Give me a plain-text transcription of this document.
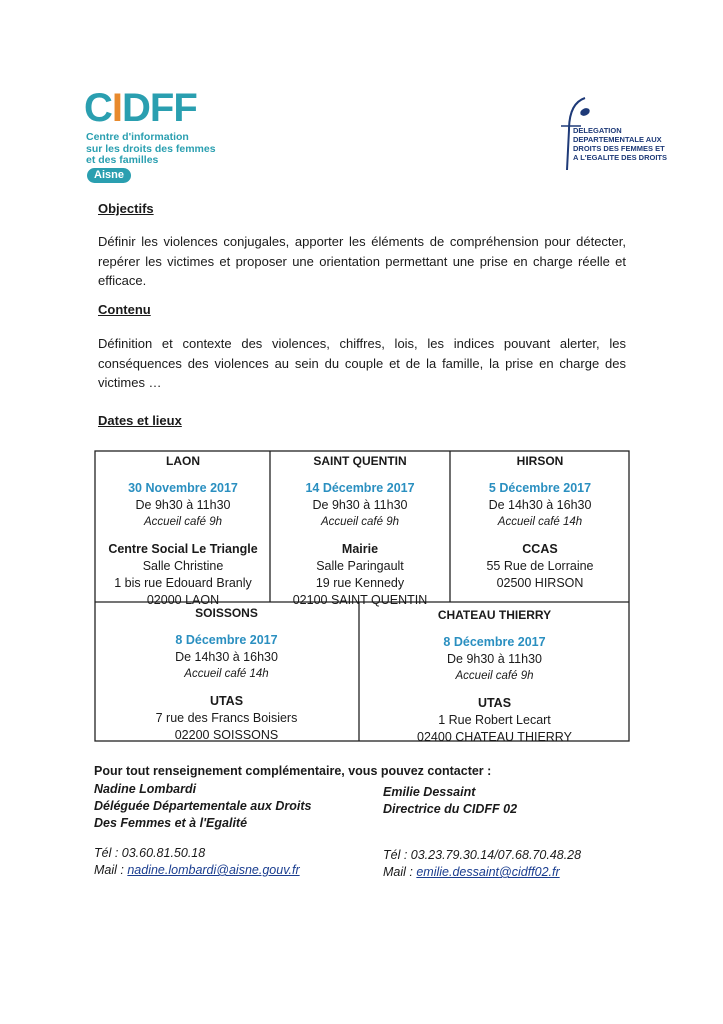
CIDFF
Centre d'information
sur les droits des femmes
et des familles
Aisne
DELEGATION
DEPARTEMENTALE AUX
DROITS DES FEMMES ET
A L'EGALITE DES DROITS
Objectifs
Définir les violences conjugales, apporter les éléments de compréhension pour détecter, repérer les victimes et proposer une orientation permettant une prise en charge réelle et efficace.
Contenu
Définition et contexte des violences, chiffres, lois, les indices pouvant alerter, les conséquences des violences au sein du couple et de la famille, la prise en charge des victimes …
Dates et lieux
LAON
30 Novembre 2017
De 9h30 à 11h30
Accueil café 9h
Centre Social Le Triangle
Salle Christine
1 bis rue Edouard Branly
02000 LAON
SAINT QUENTIN
14 Décembre 2017
De 9h30 à 11h30
Accueil café 9h
Mairie
Salle Paringault
19 rue Kennedy
02100 SAINT QUENTIN
HIRSON
5 Décembre 2017
De 14h30 à 16h30
Accueil café 14h
CCAS
55 Rue de Lorraine
02500 HIRSON
SOISSONS
8 Décembre 2017
De 14h30 à 16h30
Accueil café 14h
UTAS
7 rue des Francs Boisiers
02200 SOISSONS
CHATEAU THIERRY
8 Décembre 2017
De 9h30 à 11h30
Accueil café 9h
UTAS
1 Rue Robert Lecart
02400 CHATEAU THIERRY
Pour tout renseignement complémentaire, vous pouvez contacter :
Nadine Lombardi
Déléguée Départementale aux Droits
Des Femmes et à l'Egalité
Emilie Dessaint
Directrice du CIDFF 02
Tél : 03.60.81.50.18
Mail : nadine.lombardi@aisne.gouv.fr
Tél : 03.23.79.30.14/07.68.70.48.28
Mail : emilie.dessaint@cidff02.fr
